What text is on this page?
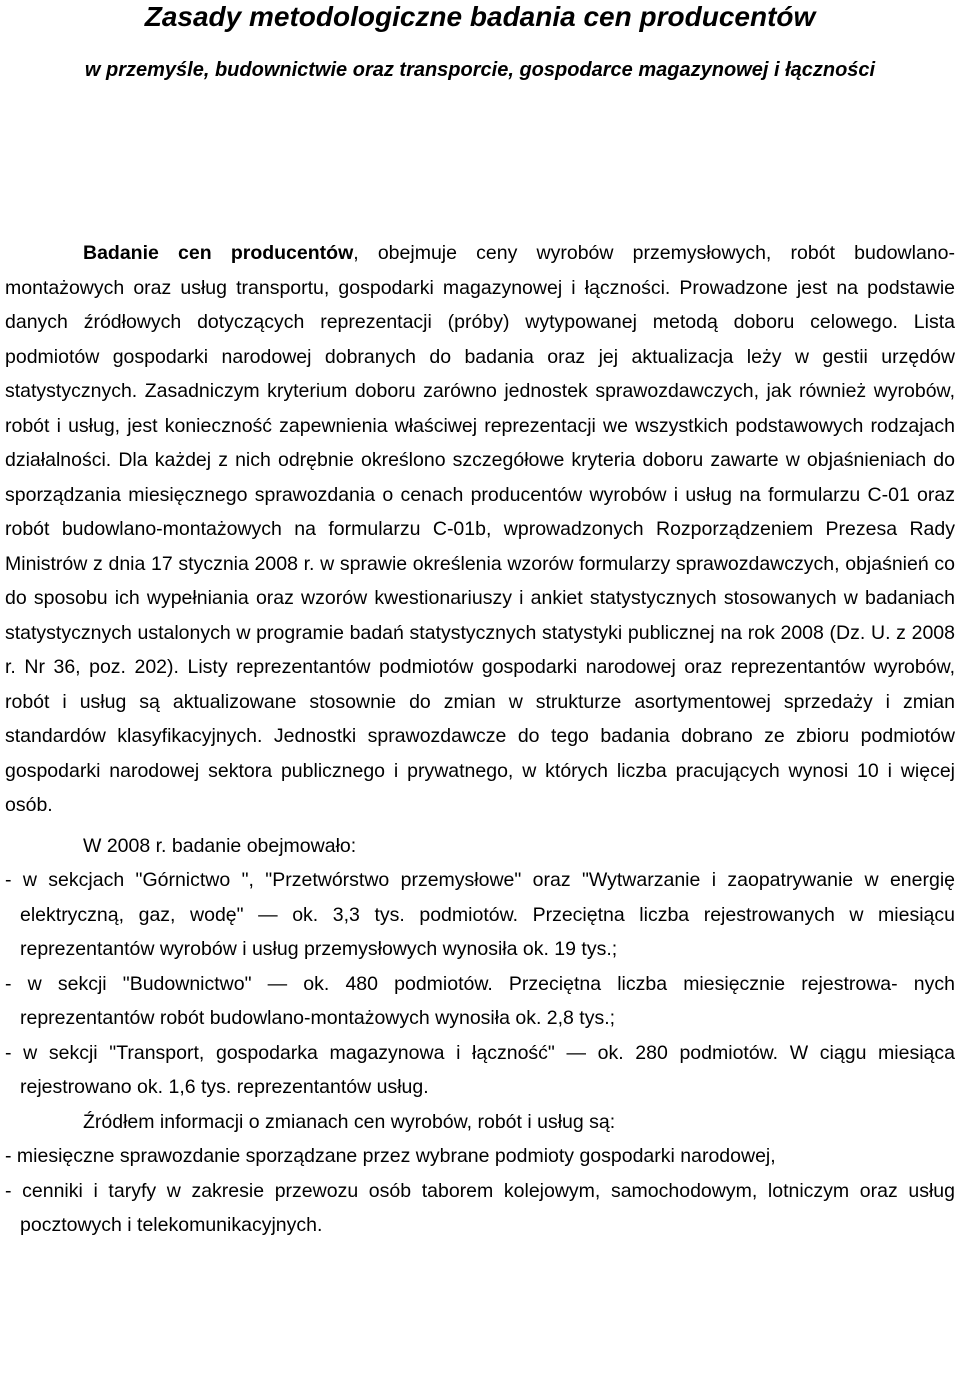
Zasady metodologiczne badania cen producentów
w przemyśle, budownictwie oraz transporcie, gospodarce magazynowej i łączności

Badanie cen producentów, obejmuje ceny wyrobów przemysłowych, robót budowlano-montażowych oraz usług transportu, gospodarki magazynowej i łączności. Prowadzone jest na podstawie danych źródłowych dotyczących reprezentacji (próby) wytypowanej metodą doboru celowego. Lista podmiotów gospodarki narodowej dobranych do badania oraz jej aktualizacja leży w gestii urzędów statystycznych. Zasadniczym kryterium doboru zarówno jednostek sprawozdawczych, jak również wyrobów, robót i usług, jest konieczność zapewnienia właściwej reprezentacji we wszystkich podstawowych rodzajach działalności. Dla każdej z nich odrębnie określono szczegółowe kryteria doboru zawarte w objaśnieniach do sporządzania miesięcznego sprawozdania o cenach producentów wyrobów i usług na formularzu C-01 oraz robót budowlano-montażowych na formularzu C-01b, wprowadzonych Rozporządzeniem Prezesa Rady Ministrów z dnia 17 stycznia 2008 r. w sprawie określenia wzorów formularzy sprawozdawczych, objaśnień co do sposobu ich wypełniania oraz wzorów kwestionariuszy i ankiet statystycznych stosowanych w badaniach statystycznych ustalonych w programie badań statystycznych statystyki publicznej na rok 2008 (Dz. U. z 2008 r. Nr 36, poz. 202). Listy reprezentantów podmiotów gospodarki narodowej oraz reprezentantów wyrobów, robót i usług są aktualizowane stosownie do zmian w strukturze asortymentowej sprzedaży i zmian standardów klasyfikacyjnych. Jednostki sprawozdawcze do tego badania dobrano ze zbioru podmiotów gospodarki narodowej sektora publicznego i prywatnego, w których liczba pracujących wynosi 10 i więcej osób.

W 2008 r. badanie obejmowało:

- w sekcjach "Górnictwo ", "Przetwórstwo przemysłowe" oraz "Wytwarzanie i zaopatrywanie w energię elektryczną, gaz, wodę" — ok. 3,3 tys. podmiotów. Przeciętna liczba rejestrowanych w miesiącu reprezentantów wyrobów i usług przemysłowych wynosiła ok. 19 tys.;

- w sekcji "Budownictwo" — ok. 480 podmiotów. Przeciętna liczba miesięcznie rejestrowa- nych reprezentantów robót budowlano-montażowych wynosiła ok. 2,8 tys.;

- w sekcji "Transport, gospodarka magazynowa i łączność" — ok. 280 podmiotów. W ciągu miesiąca rejestrowano ok. 1,6 tys. reprezentantów usług.

Źródłem informacji o zmianach cen wyrobów, robót i usług są:

- miesięczne sprawozdanie sporządzane przez wybrane podmioty gospodarki narodowej,

- cenniki i taryfy w zakresie przewozu osób taborem kolejowym, samochodowym, lotniczym oraz usług pocztowych i telekomunikacyjnych.
